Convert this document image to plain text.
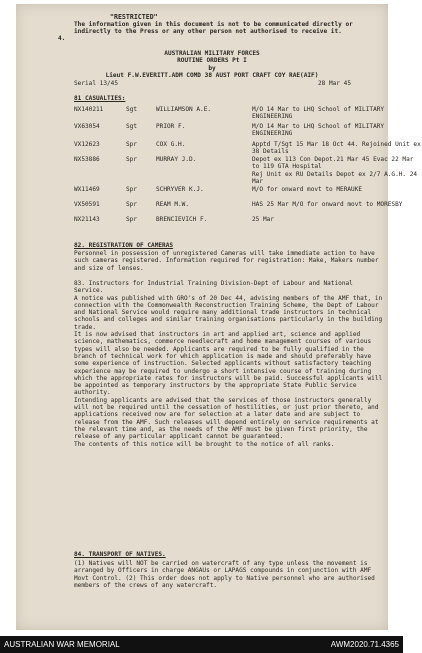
"RESTRICTED"
The information given in this document is not to be communicated directly or indirectly to the Press or any other person not authorised to receive it.
4.
AUSTRALIAN MILITARY FORCES
ROUTINE ORDERS Pt I
by
Lieut F.W.EVERITT.ADM COMD 38 AUST PORT CRAFT COY RAE(AIF)
Serial 13/45	28 Mar 45
81 CASUALTIES:
NX140211	Sgt	WILLIAMSON A.E.	M/O 14 Mar to LHQ School of MILITARY ENGINEERING
VX63054	Sgt	PRIOR F.	M/O 14 Mar to LHQ School of MILITARY ENGINEERING
VX12623	Spr	COX G.H.	Apptd T/Sgt 15 Mar 18 Oct 44. Rejoined Unit ex 38 Details
NX53886	Spr	MURRAY J.D.	Depot ex 113 Con Depot.21 Mar 45 Evac 22 Mar to 119 GTA Hospital
Rej Unit ex RU Details Depot ex 2/7 A.G.H. 24 Mar
WX11469	Spr	SCHRYVER K.J.	M/O for onward movt to MERAUKE
VX50591	Spr	REAM M.W.	HAS 25 Mar M/O for onward movt to MORESBY
NX21143	Spr	BRENCIEVICH F.	25 Mar
82. REGISTRATION OF CAMERAS
Personnel in possession of unregistered Cameras will take immediate action to have such cameras registered. Information required for registration: Make, Makers number and size of lenses.

83. Instructors for Industrial Training Division-Dept of Labour and National Service.

A notice was published with GRO's of 20 Dec 44, advising members of the AMF that, in connection with the Commonwealth Reconstruction Training Scheme, the Dept of Labour and National Service would require many additional trade instructors in technical schools and colleges and similar training organisations particularly in the building trade.

It is now advised that instructors in art and applied art, science and applied science, mathematics, commerce needlecraft and home management courses of various types will also be needed. Applicants are required to be fully qualified in the branch of technical work for which application is made and should preferably have some experience of instruction. Selected applicants without satisfactory teaching experience may be required to undergo a short intensive course of training during which the appropriate rates for instructors will be paid. Successful applicants will be appointed as temporary instructors by the appropriate State Public Service authority.

Intending applicants are advised that the services of those instructors generally will not be required until the cessation of hostilities, or just prior thereto, and applications received now are for selection at a later date and are subject to release from the AMF. Such releases will depend entirely on service requirements at the relevant time and, as the needs of the AMF must be given first priority, the release of any particular applicant cannot be guaranteed.

The contents of this notice will be brought to the notice of all ranks.

84. TRANSPORT OF NATIVES.
(1) Natives will NOT be carried on watercraft of any type unless the movement is arranged by Officers in charge ANGAUs or LAPAGS compounds in conjunction with AMF Movt Control. (2) This order does not apply to Native personnel who are authorised members of the crews of any watercraft.
AUSTRALIAN WAR MEMORIAL	AWM2020.71.4365
